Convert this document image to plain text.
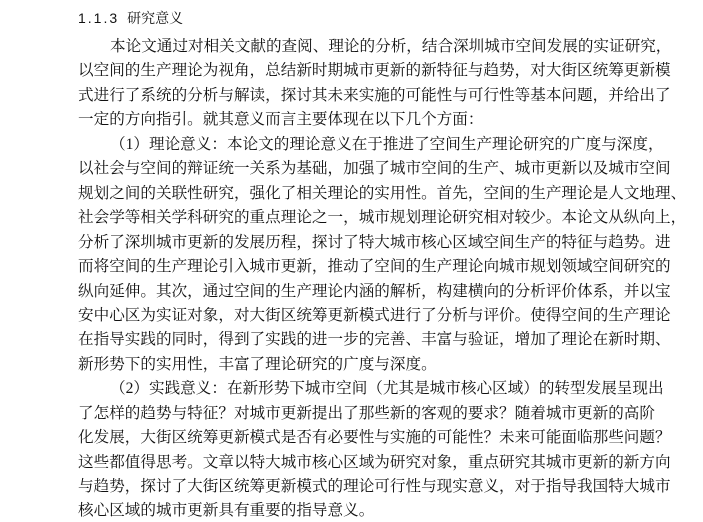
1.1.3 研究意义
本论文通过对相关文献的查阅、理论的分析，结合深圳城市空间发展的实证研究，
以空间的生产理论为视角，总结新时期城市更新的新特征与趋势，对大街区统筹更新模
式进行了系统的分析与解读，探讨其未来实施的可能性与可行性等基本问题，并给出了
一定的方向指引。就其意义而言主要体现在以下几个方面：
（1）理论意义：本论文的理论意义在于推进了空间生产理论研究的广度与深度，
以社会与空间的辩证统一关系为基础，加强了城市空间的生产、城市更新以及城市空间
规划之间的关联性研究，强化了相关理论的实用性。首先，空间的生产理论是人文地理、
社会学等相关学科研究的重点理论之一，城市规划理论研究相对较少。本论文从纵向上，
分析了深圳城市更新的发展历程，探讨了特大城市核心区域空间生产的特征与趋势。进
而将空间的生产理论引入城市更新，推动了空间的生产理论向城市规划领域空间研究的
纵向延伸。其次，通过空间的生产理论内涵的解析，构建横向的分析评价体系，并以宝
安中心区为实证对象，对大街区统筹更新模式进行了分析与评价。使得空间的生产理论
在指导实践的同时，得到了实践的进一步的完善、丰富与验证，增加了理论在新时期、
新形势下的实用性，丰富了理论研究的广度与深度。
（2）实践意义：在新形势下城市空间（尤其是城市核心区域）的转型发展呈现出
了怎样的趋势与特征？对城市更新提出了那些新的客观的要求？随着城市更新的高阶
化发展，大街区统筹更新模式是否有必要性与实施的可能性？未来可能面临那些问题？
这些都值得思考。文章以特大城市核心区域为研究对象，重点研究其城市更新的新方向
与趋势，探讨了大街区统筹更新模式的理论可行性与现实意义，对于指导我国特大城市
核心区域的城市更新具有重要的指导意义。
